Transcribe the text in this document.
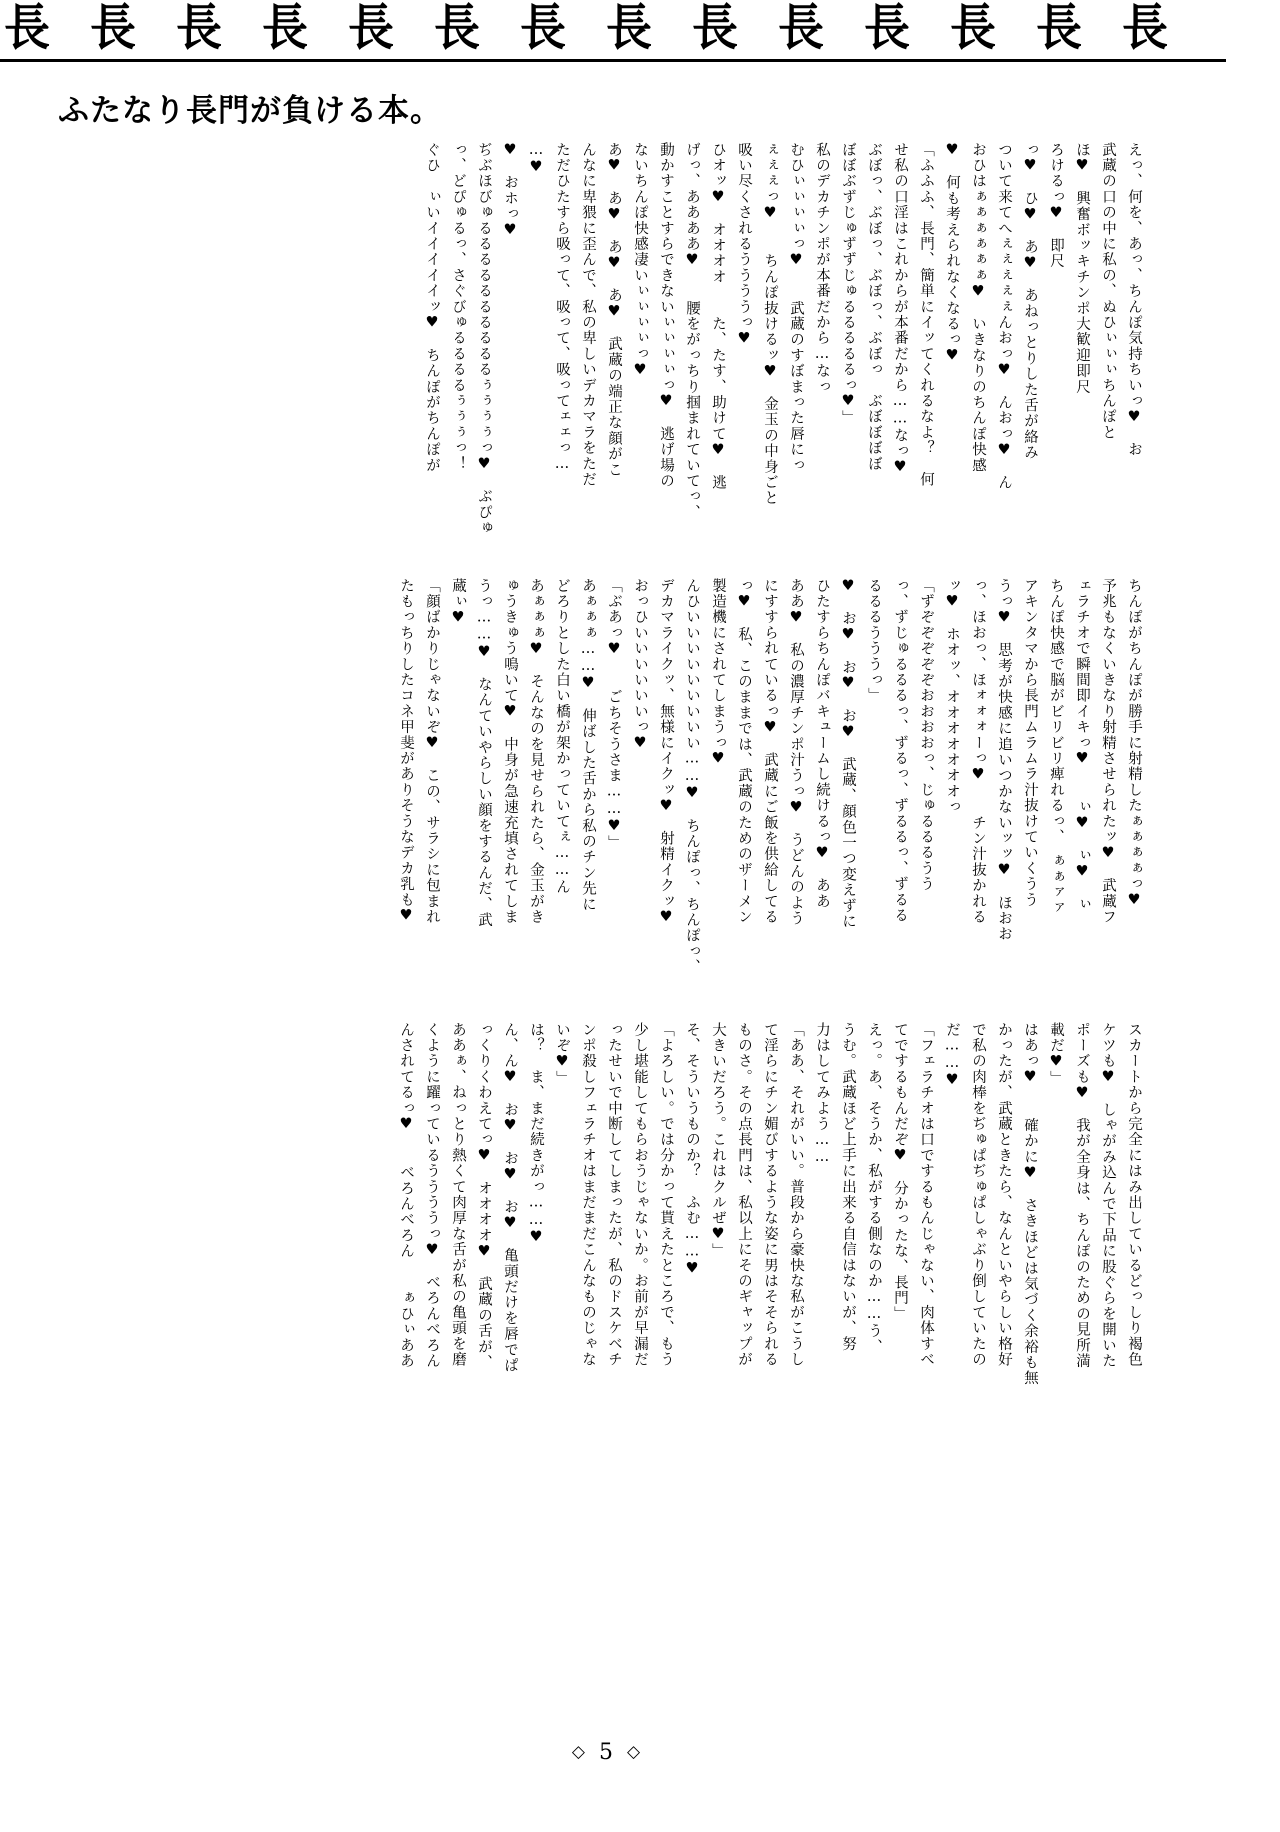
長 長 長 長 長 長 長 長 長 長 長 長 長 長
ふたなり長門が負ける本。

えっ、何を、あっ、ちんぽ気持ちいっ♥　お

武蔵の口の中に私の、ぬひぃぃぃちんぽと

ほ♥　興奮ボッキチンポ大歓迎即尺

ろけるっ♥　即尺

っ♥　ひ♥　あ♥　あねっとりした舌が絡み

ついて来てへぇぇぇぇぇんおっ♥　んおっ♥　ん

おひはぁぁぁぁぁぁ♥　いきなりのちんぽ快感

♥　何も考えられなくなるっ♥

「ふふふ、長門、簡単にイッてくれるなよ？　何

せ私の口淫はこれからが本番だから……なっ♥

ぶぼっ、ぶぼっ、ぶぼっ、ぶぼっ　ぶぼぼぼぼ

ぼぼぶずじゅずずじゅるるるるるっ♥」

私のデカチンポが本番だから…なっ

むひぃぃぃぃっ♥　　武蔵のすぼまった唇にっ

ぇぇぇっ♥　　ちんぽ抜けるッ♥　金玉の中身ごと

吸い尽くされるううううっ♥

ひオッ♥　オオオオ　　た、たす、助けて♥　逃

げっ、ああああ♥　　腰をがっちり掴まれていてっ、

動かすことすらできないぃぃぃぃっ♥　逃げ場の

ないちんぽ快感凄いぃぃぃぃっ♥

あ♥　あ♥　あ♥　あ♥　武蔵の端正な顔がこ

んなに卑猥に歪んで、私の卑しいデカマラをただ

ただひたすら吸って、吸って、吸ってェェっ…

…♥

♥　おホっ♥

ぢぶほびゅるるるるるるるるるるぅぅぅぅっ♥　ぶぴゅ

っ、どぴゅるっ、さぐびゅるるるるぅぅぅっ！

ぐひ　ぃいイイイイイッ♥　ちんぽがちんぽが

ちんぽがちんぽが勝手に射精したぁぁぁぁっ♥

予兆もなくいきなり射精させられたッ♥　武蔵フ

ェラチオで瞬間即イキっ♥　　ぃ♥　ぃ♥　ぃ

ちんぽ快感で脳がビリビリ痺れるっ、　ぁぁァァ

アキンタマから長門ムラムラ汁抜けていくうう

うっ♥　思考が快感に追いつかないッッ♥　ほおお

っ、ほおっ、ほォォォーっ♥　　チン汁抜かれる

ッ♥　ホオッ、オオオオオオオっ

「ずぞぞぞぞぞおおおおっ、じゅるるるうう

っ、ずじゅるるるっ、ずるっ、ずるるっ、ずるる

るるるうううっ」

♥　お♥　お♥　お♥　武蔵、顔色一つ変えずに

ひたすらちんぽバキュームし続けるっ♥　ああ

ああ♥　私の濃厚チンポ汁うっ♥　うどんのよう

にすすられているっ♥　武蔵にご飯を供給してる

っ♥　私、このままでは、武蔵のためのザーメン

製造機にされてしまうっ♥

んひいいいいいいいいい……♥　ちんぽっ、ちんぽっ、

デカマライクッ、無様にイクッ♥　射精イクッ♥

おっひいいいいいいっ♥

「ぶあっ♥　　ごちそうさま……♥」

あぁぁぁ……♥　伸ばした舌から私のチン先に

どろりとした白い橋が架かっていてぇ……ん

あぁぁぁ♥　そんなのを見せられたら、金玉がき

ゅうきゅう鳴いて♥　中身が急速充填されてしま

うっ……♥　なんていやらしい顔をするんだ、武

蔵ぃ♥

「顔ばかりじゃないぞ♥　この、サラシに包まれ

たもっちりしたコネ甲斐がありそうなデカ乳も♥

スカートから完全にはみ出しているどっしり褐色

ケツも♥　しゃがみ込んで下品に股ぐらを開いた

ポーズも♥　我が全身は、ちんぽのための見所満

載だ♥」

はあっ♥　　確かに♥　さきほどは気づく余裕も無

かったが、武蔵ときたら、なんといやらしい格好

で私の肉棒をぢゅぱぢゅぱしゃぶり倒していたの

だ……♥

「フェラチオは口でするもんじゃない、肉体すべ

てでするもんだぞ♥　分かったな、長門」

えっ。あ、そうか、私がする側なのか……う、

うむ。武蔵ほど上手に出来る自信はないが、努

力はしてみよう……

「ああ、それがいい。普段から豪快な私がこうし

て淫らにチン媚びするような姿に男はそそられる

ものさ。その点長門は、私以上にそのギャップが

大きいだろう。これはクルぜ♥」

そ、そういうものか？　ふむ……♥

「よろしい。では分かって貰えたところで、もう

少し堪能してもらおうじゃないか。お前が早漏だ

ったせいで中断してしまったが、私のドスケベチ

ンポ殺しフェラチオはまだまだこんなものじゃな

いぞ♥」

は？　ま、まだ続きがっ……♥

ん、ん♥　お♥　お♥　お♥　亀頭だけを唇でぱ

っくりくわえてっ♥　オオオオ♥　武蔵の舌が、

ああぁ、ねっとり熱くて肉厚な舌が私の亀頭を磨

くように躍っているううううっ♥　べろんべろん

んされてるっ♥　　べろんべろん　　ぁひぃああ

◇5◇
